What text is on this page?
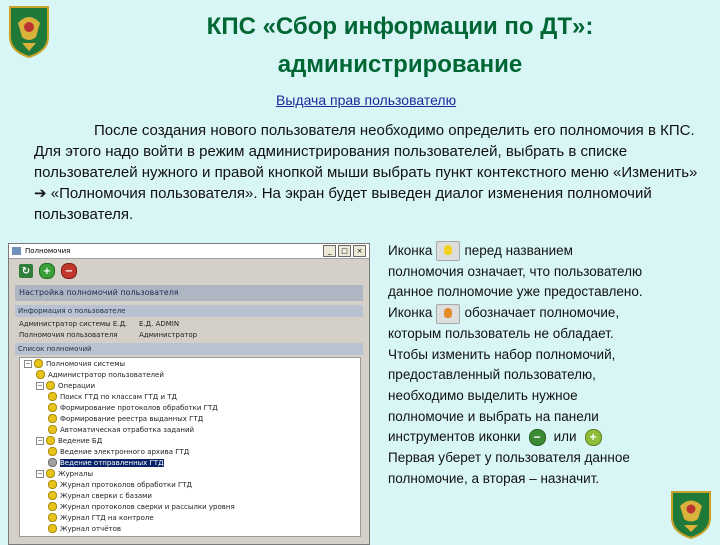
КПС «Сбор информации по ДТ»:
администрирование
Выдача прав пользователю
После создания нового пользователя необходимо определить его полномочия в КПС. Для этого надо войти в режим администрирования пользователей, выбрать в списке пользователей нужного и правой кнопкой мыши выбрать пункт контекстного меню «Изменить» ➔ «Полномочия пользователя». На экран будет выведен диалог изменения полномочий пользователя.
Полномочия	_	□	×
↻	+	−
Настройка полномочий пользователя
Информация о пользователе
Администратор системы Е.Д.	Е.Д. ADMIN
Полномочия пользователя	Администратор
Список полномочий
− Полномочия системы
Администратор пользователей
− Операции
Поиск ГТД по классам ГТД и ТД
Формирование протоколов обработки ГТД
Формирование реестра выданных ГТД
Автоматическая отработка заданий
− Ведение БД
Ведение электронного архива ГТД
Ведение отправленных ГТД
− Журналы
Журнал протоколов обработки ГТД
Журнал сверки с базами
Журнал протоколов сверки и рассылки уровня
Журнал ГТД на контроле
Журнал отчётов
Иконка перед названием
полномочия означает, что пользователю
данное полномочие уже предоставлено.
Иконка обозначает полномочие,
которым пользователь не обладает.
Чтобы изменить набор полномочий,
предоставленный пользователю,
необходимо выделить нужное
полномочие и выбрать на панели
инструментов иконки − или +
Первая уберет у пользователя данное
полномочие, а вторая – назначит.
